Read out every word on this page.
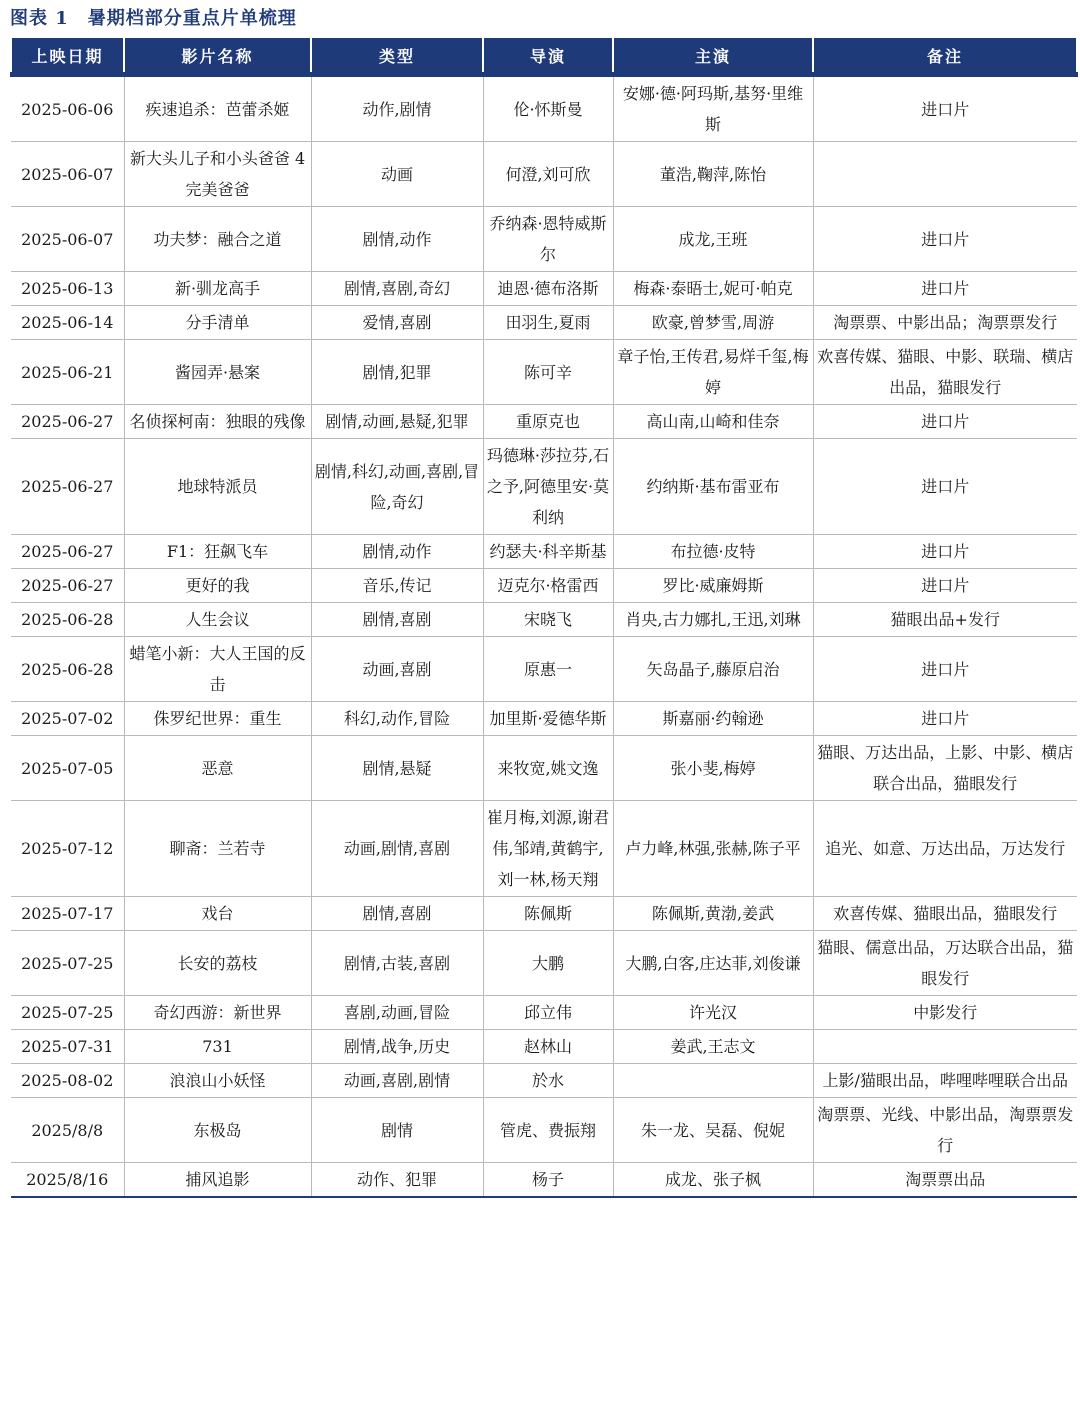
图表 1　暑期档部分重点片单梳理
上映日期	影片名称	类型	导演	主演	备注
2025-06-06	疾速追杀：芭蕾杀姬	动作,剧情	伦·怀斯曼	安娜·德·阿玛斯,基努·里维斯	进口片
2025-06-07	新大头儿子和小头爸爸 4 完美爸爸	动画	何澄,刘可欣	董浩,鞠萍,陈怡	
2025-06-07	功夫梦：融合之道	剧情,动作	乔纳森·恩特威斯尔	成龙,王班	进口片
2025-06-13	新·驯龙高手	剧情,喜剧,奇幻	迪恩·德布洛斯	梅森·泰晤士,妮可·帕克	进口片
2025-06-14	分手清单	爱情,喜剧	田羽生,夏雨	欧豪,曾梦雪,周游	淘票票、中影出品；淘票票发行
2025-06-21	酱园弄·悬案	剧情,犯罪	陈可辛	章子怡,王传君,易烊千玺,梅婷	欢喜传媒、猫眼、中影、联瑞、横店出品，猫眼发行
2025-06-27	名侦探柯南：独眼的残像	剧情,动画,悬疑,犯罪	重原克也	高山南,山崎和佳奈	进口片
2025-06-27	地球特派员	剧情,科幻,动画,喜剧,冒险,奇幻	玛德琳·莎拉芬,石之予,阿德里安·莫利纳	约纳斯·基布雷亚布	进口片
2025-06-27	F1：狂飙飞车	剧情,动作	约瑟夫·科辛斯基	布拉德·皮特	进口片
2025-06-27	更好的我	音乐,传记	迈克尔·格雷西	罗比·威廉姆斯	进口片
2025-06-28	人生会议	剧情,喜剧	宋晓飞	肖央,古力娜扎,王迅,刘琳	猫眼出品+发行
2025-06-28	蜡笔小新：大人王国的反击	动画,喜剧	原惠一	矢岛晶子,藤原启治	进口片
2025-07-02	侏罗纪世界：重生	科幻,动作,冒险	加里斯·爱德华斯	斯嘉丽·约翰逊	进口片
2025-07-05	恶意	剧情,悬疑	来牧宽,姚文逸	张小斐,梅婷	猫眼、万达出品，上影、中影、横店联合出品，猫眼发行
2025-07-12	聊斋：兰若寺	动画,剧情,喜剧	崔月梅,刘源,谢君伟,邹靖,黄鹤宇,刘一林,杨天翔	卢力峰,林强,张赫,陈子平	追光、如意、万达出品，万达发行
2025-07-17	戏台	剧情,喜剧	陈佩斯	陈佩斯,黄渤,姜武	欢喜传媒、猫眼出品，猫眼发行
2025-07-25	长安的荔枝	剧情,古装,喜剧	大鹏	大鹏,白客,庄达菲,刘俊谦	猫眼、儒意出品，万达联合出品，猫眼发行
2025-07-25	奇幻西游：新世界	喜剧,动画,冒险	邱立伟	许光汉	中影发行
2025-07-31	731	剧情,战争,历史	赵林山	姜武,王志文	
2025-08-02	浪浪山小妖怪	动画,喜剧,剧情	於水		上影/猫眼出品，哔哩哔哩联合出品
2025/8/8	东极岛	剧情	管虎、费振翔	朱一龙、吴磊、倪妮	淘票票、光线、中影出品，淘票票发行
2025/8/16	捕风追影	动作、犯罪	杨子	成龙、张子枫	淘票票出品
